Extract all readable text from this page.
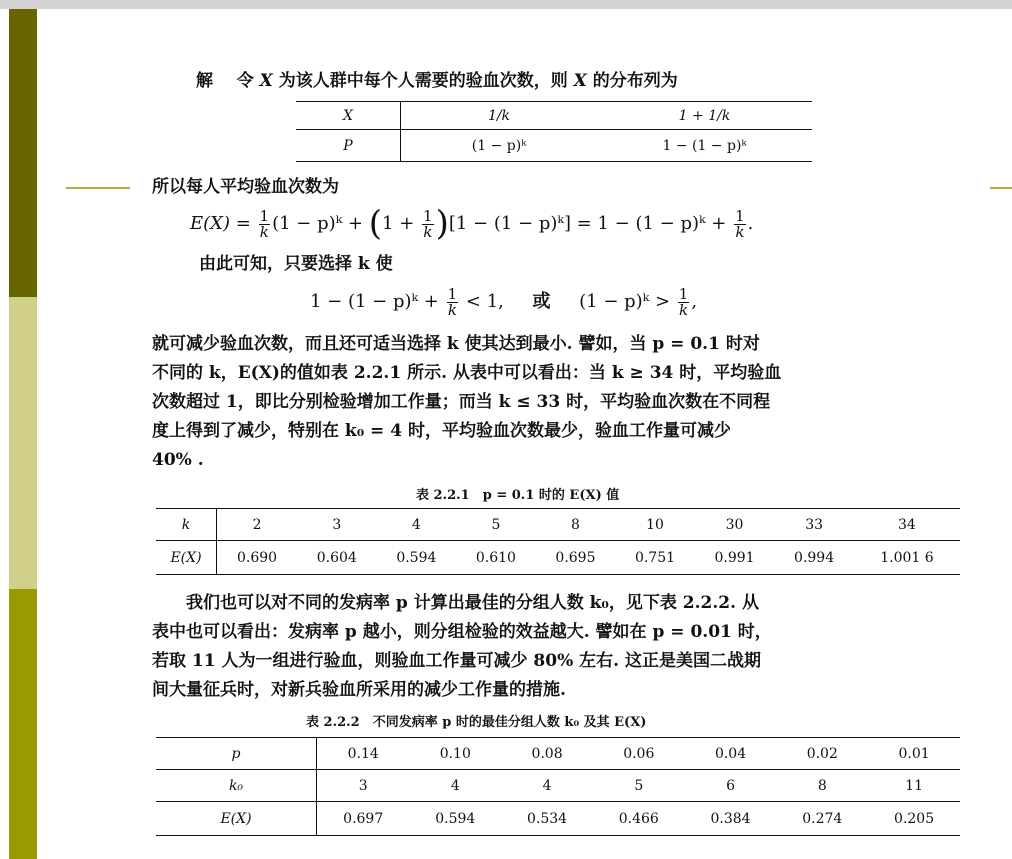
解 令 X 为该人群中每个人需要的验血次数，则 X 的分布列为
X	1/k	1 + 1/k
P	(1 − p)ᵏ	1 − (1 − p)ᵏ
所以每人平均验血次数为
$E(X) = \frac{1}{k} (1$ − p)ᵏ + $(1 + \frac{1}{k} )[1 - (1$ − p)ᵏ] = 1 − (1 − p)ᵏ + $\frac{1}{k}$ .
由此可知，只要选择 k 使
1 − (1 − p)ᵏ + $\frac{1}{k} < 1$, 或 (1 − p)ᵏ > $\frac{1}{k}$ ,
就可减少验血次数，而且还可适当选择 k 使其达到最小. 譬如，当 p = 0.1 时对
不同的 k，E(X)的值如表 2.2.1 所示. 从表中可以看出：当 k ≥ 34 时，平均验血
次数超过 1，即比分别检验增加工作量；而当 k ≤ 33 时，平均验血次数在不同程
度上得到了减少，特别在 k₀ = 4 时，平均验血次数最少，验血工作量可减少
40% .
表 2.2.1　p = 0.1 时的 E(X) 值
k	2	3	4	5	8	10	30	33	34
E(X)	0.690	0.604	0.594	0.610	0.695	0.751	0.991	0.994	1.001 6
　　我们也可以对不同的发病率 p 计算出最佳的分组人数 k₀，见下表 2.2.2. 从
表中也可以看出：发病率 p 越小，则分组检验的效益越大. 譬如在 p = 0.01 时，
若取 11 人为一组进行验血，则验血工作量可减少 80% 左右. 这正是美国二战期
间大量征兵时，对新兵验血所采用的减少工作量的措施.
表 2.2.2　不同发病率 p 时的最佳分组人数 k₀ 及其 E(X)
p	0.14	0.10	0.08	0.06	0.04	0.02	0.01
k₀	3	4	4	5	6	8	11
E(X)	0.697	0.594	0.534	0.466	0.384	0.274	0.205
